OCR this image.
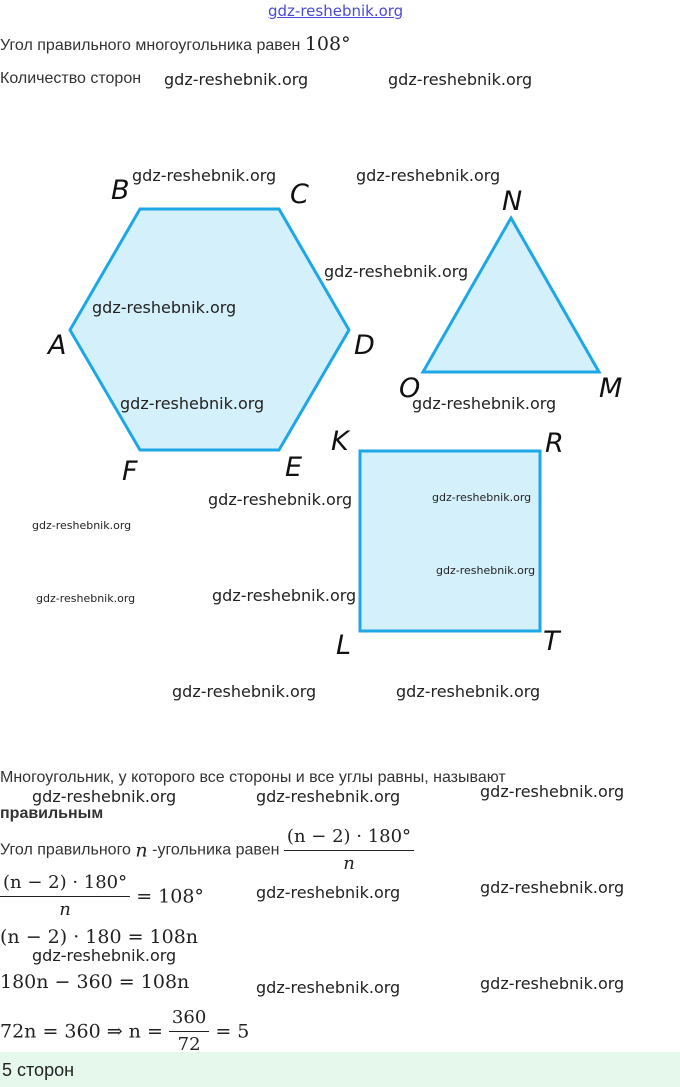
gdz-reshebnik.org
Угол правильного многоугольника равен 108°
Количество сторон
A
B	C
D
E
F
N
M
O
K	R
T
L
gdz-reshebnik.org	gdz-reshebnik.org
gdz-reshebnik.org	gdz-reshebnik.org
gdz-reshebnik.org
gdz-reshebnik.org
gdz-reshebnik.org	gdz-reshebnik.org
gdz-reshebnik.org	gdz-reshebnik.org
gdz-reshebnik.org
gdz-reshebnik.org
gdz-reshebnik.org	gdz-reshebnik.org
gdz-reshebnik.org	gdz-reshebnik.org
Многоугольник, у которого все стороны и все углы равны, называют
gdz-reshebnik.org	gdz-reshebnik.org	gdz-reshebnik.org
правильным
Угол правильного n -угольника равен $\frac{(n - 2) \cdot 180^\circ}{n}$
$\frac{(n - 2) \cdot 180^\circ}{n} = 108^\circ$	gdz-reshebnik.org	gdz-reshebnik.org
(n − 2) · 180 = 108n
gdz-reshebnik.org
180n − 360 = 108n	gdz-reshebnik.org	gdz-reshebnik.org
72n = 360 ⇒ $n = \frac{360}{72} = 5$
5 сторон
